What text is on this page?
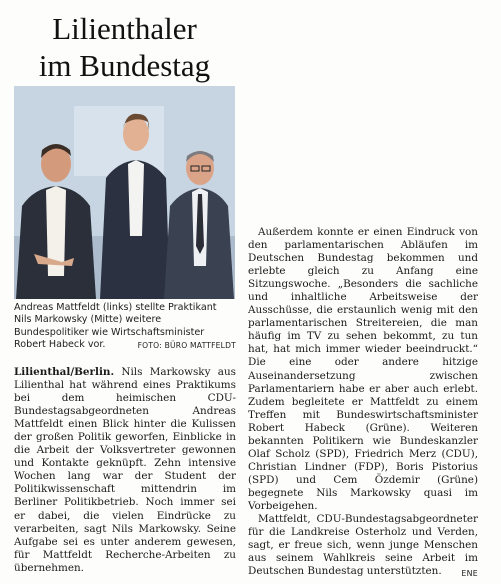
Lilienthaler
im Bundestag
Andreas Mattfeldt (links) stellte Praktikant Nils Markowsky (Mitte) weitere Bundespolitiker wie Wirtschaftsminister Robert Habeck vor.	FOTO: BÜRO MATTFELDT

Lilienthal/Berlin. Nils Markowsky aus Lilienthal hat während eines Praktikums bei dem heimischen CDU-Bundestagsabgeordneten Andreas Mattfeldt einen Blick hinter die Kulissen der großen Politik geworfen, Einblicke in die Arbeit der Volksvertreter gewonnen und Kontakte geknüpft. Zehn intensive Wochen lang war der Student der Politikwissenschaft mittendrin im Berliner Politikbetrieb. Noch immer sei er dabei, die vielen Eindrücke zu verarbeiten, sagt Nils Markowsky. Seine Aufgabe sei es unter anderem gewesen, für Mattfeldt Recherche-Arbeiten zu übernehmen.

Außerdem konnte er einen Eindruck von den parlamentarischen Abläufen im Deutschen Bundestag bekommen und erlebte gleich zu Anfang eine Sitzungswoche. „Besonders die sachliche und inhaltliche Arbeitsweise der Ausschüsse, die erstaunlich wenig mit den parlamentarischen Streitereien, die man häufig im TV zu sehen bekommt, zu tun hat, hat mich immer wieder beeindruckt.“ Die eine oder andere hitzige Auseinandersetzung zwischen Parlamentariern habe er aber auch erlebt. Zudem begleitete er Mattfeldt zu einem Treffen mit Bundeswirtschaftsminister Robert Habeck (Grüne). Weiteren bekannten Politikern wie Bundeskanzler Olaf Scholz (SPD), Friedrich Merz (CDU), Christian Lindner (FDP), Boris Pistorius (SPD) und Cem Özdemir (Grüne) begegnete Nils Markowsky quasi im Vorbeigehen.

Mattfeldt, CDU-Bundestagsabgeordneter für die Landkreise Osterholz und Verden, sagt, er freue sich, wenn junge Menschen aus seinem Wahlkreis seine Arbeit im Deutschen Bundestag unterstützten.	ENE
